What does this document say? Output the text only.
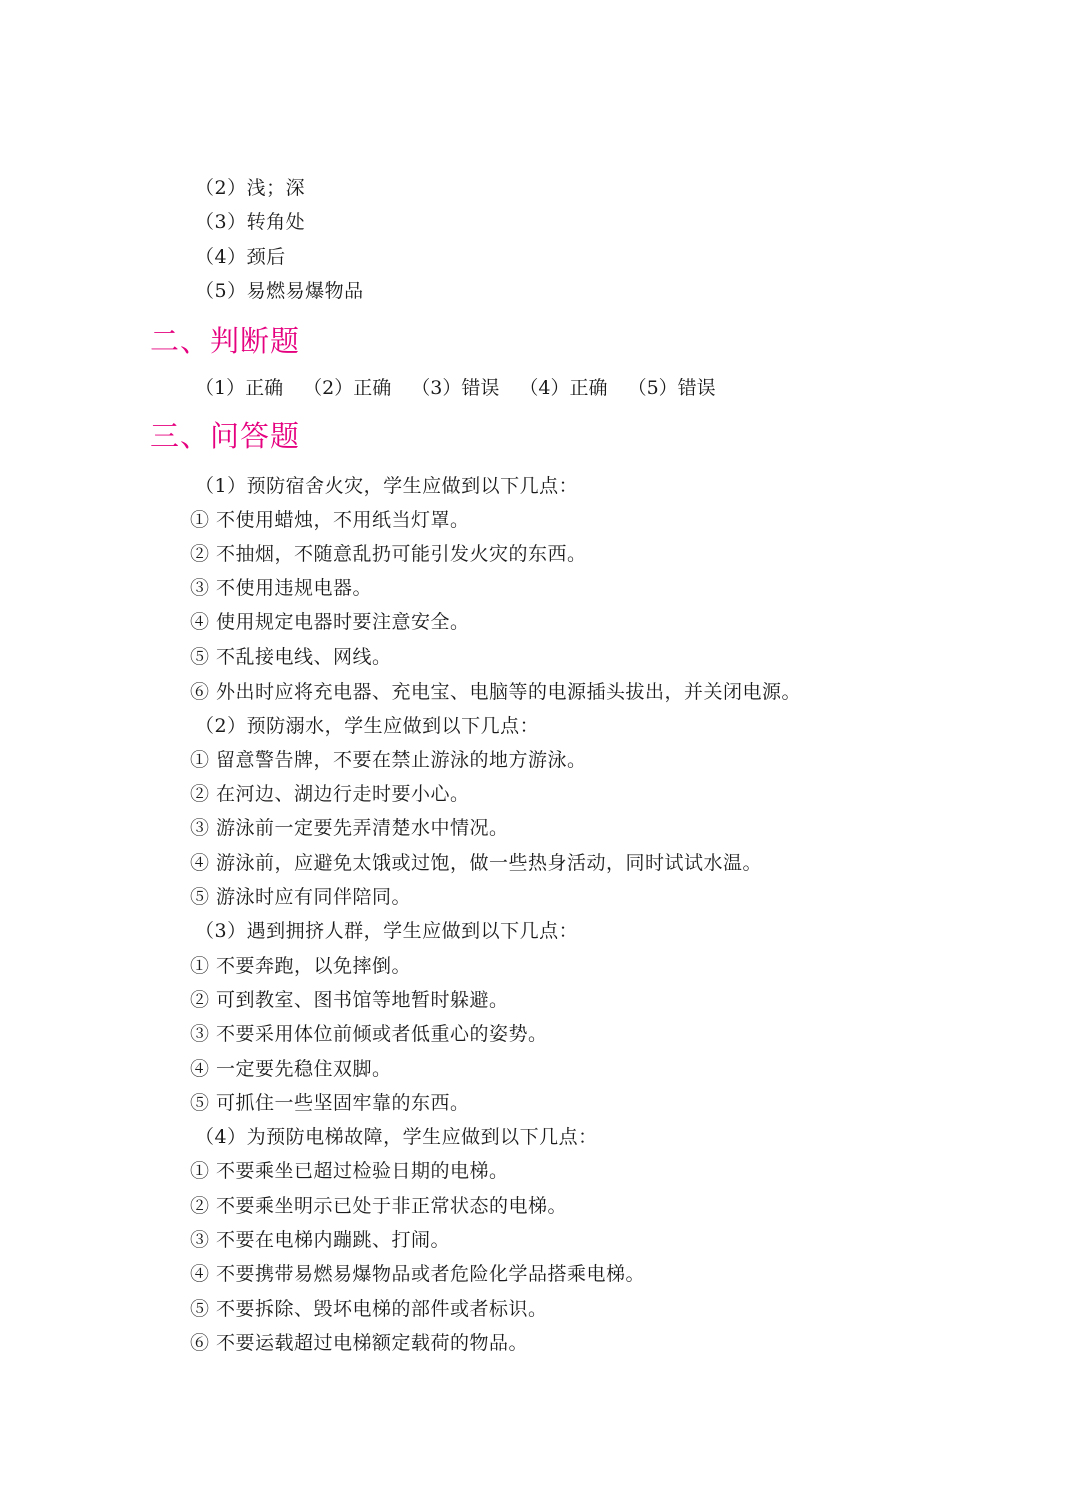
（2）浅；深
（3）转角处
（4）颈后
（5）易燃易爆物品
二、判断题
（1）正确 （2）正确 （3）错误 （4）正确 （5）错误
三、问答题
（1）预防宿舍火灾，学生应做到以下几点：
① 不使用蜡烛，不用纸当灯罩。
② 不抽烟，不随意乱扔可能引发火灾的东西。
③ 不使用违规电器。
④ 使用规定电器时要注意安全。
⑤ 不乱接电线、网线。
⑥ 外出时应将充电器、充电宝、电脑等的电源插头拔出，并关闭电源。
（2）预防溺水，学生应做到以下几点：
① 留意警告牌，不要在禁止游泳的地方游泳。
② 在河边、湖边行走时要小心。
③ 游泳前一定要先弄清楚水中情况。
④ 游泳前，应避免太饿或过饱，做一些热身活动，同时试试水温。
⑤ 游泳时应有同伴陪同。
（3）遇到拥挤人群，学生应做到以下几点：
① 不要奔跑，以免摔倒。
② 可到教室、图书馆等地暂时躲避。
③ 不要采用体位前倾或者低重心的姿势。
④ 一定要先稳住双脚。
⑤ 可抓住一些坚固牢靠的东西。
（4）为预防电梯故障，学生应做到以下几点：
① 不要乘坐已超过检验日期的电梯。
② 不要乘坐明示已处于非正常状态的电梯。
③ 不要在电梯内蹦跳、打闹。
④ 不要携带易燃易爆物品或者危险化学品搭乘电梯。
⑤ 不要拆除、毁坏电梯的部件或者标识。
⑥ 不要运载超过电梯额定载荷的物品。
